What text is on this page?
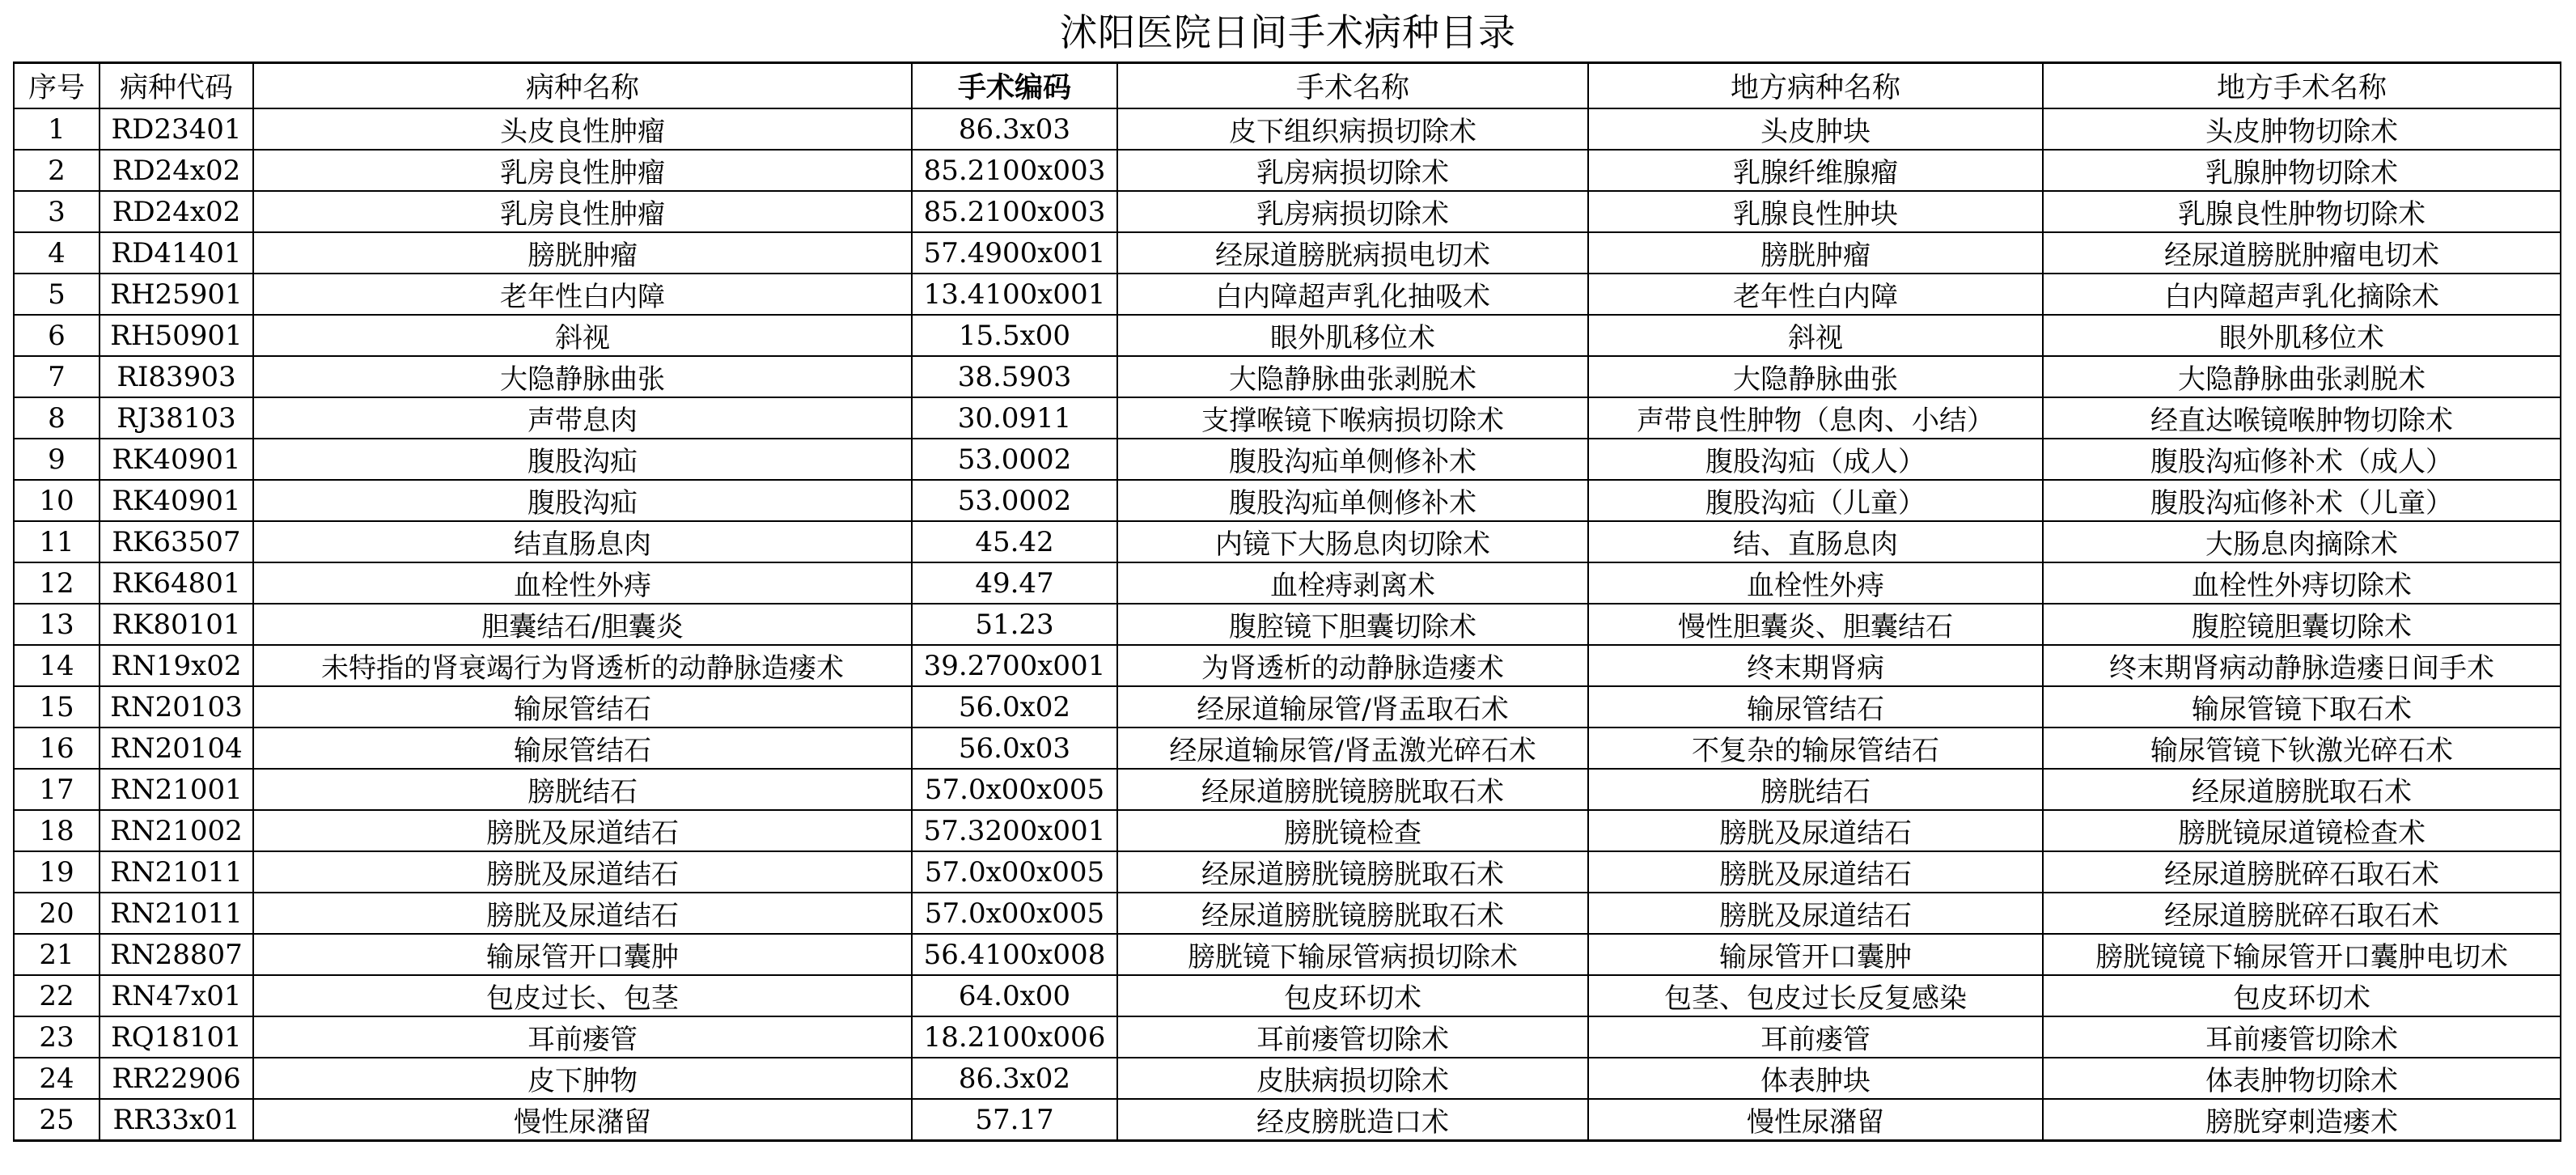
沭阳医院日间手术病种目录
序号	病种代码	病种名称	手术编码	手术名称	地方病种名称	地方手术名称
1	RD23401	头皮良性肿瘤	86.3x03	皮下组织病损切除术	头皮肿块	头皮肿物切除术
2	RD24x02	乳房良性肿瘤	85.2100x003	乳房病损切除术	乳腺纤维腺瘤	乳腺肿物切除术
3	RD24x02	乳房良性肿瘤	85.2100x003	乳房病损切除术	乳腺良性肿块	乳腺良性肿物切除术
4	RD41401	膀胱肿瘤	57.4900x001	经尿道膀胱病损电切术	膀胱肿瘤	经尿道膀胱肿瘤电切术
5	RH25901	老年性白内障	13.4100x001	白内障超声乳化抽吸术	老年性白内障	白内障超声乳化摘除术
6	RH50901	斜视	15.5x00	眼外肌移位术	斜视	眼外肌移位术
7	RI83903	大隐静脉曲张	38.5903	大隐静脉曲张剥脱术	大隐静脉曲张	大隐静脉曲张剥脱术
8	RJ38103	声带息肉	30.0911	支撑喉镜下喉病损切除术	声带良性肿物（息肉、小结）	经直达喉镜喉肿物切除术
9	RK40901	腹股沟疝	53.0002	腹股沟疝单侧修补术	腹股沟疝（成人）	腹股沟疝修补术（成人）
10	RK40901	腹股沟疝	53.0002	腹股沟疝单侧修补术	腹股沟疝（儿童）	腹股沟疝修补术（儿童）
11	RK63507	结直肠息肉	45.42	内镜下大肠息肉切除术	结、直肠息肉	大肠息肉摘除术
12	RK64801	血栓性外痔	49.47	血栓痔剥离术	血栓性外痔	血栓性外痔切除术
13	RK80101	胆囊结石/胆囊炎	51.23	腹腔镜下胆囊切除术	慢性胆囊炎、胆囊结石	腹腔镜胆囊切除术
14	RN19x02	未特指的肾衰竭行为肾透析的动静脉造瘘术	39.2700x001	为肾透析的动静脉造瘘术	终末期肾病	终末期肾病动静脉造瘘日间手术
15	RN20103	输尿管结石	56.0x02	经尿道输尿管/肾盂取石术	输尿管结石	输尿管镜下取石术
16	RN20104	输尿管结石	56.0x03	经尿道输尿管/肾盂激光碎石术	不复杂的输尿管结石	输尿管镜下钬激光碎石术
17	RN21001	膀胱结石	57.0x00x005	经尿道膀胱镜膀胱取石术	膀胱结石	经尿道膀胱取石术
18	RN21002	膀胱及尿道结石	57.3200x001	膀胱镜检查	膀胱及尿道结石	膀胱镜尿道镜检查术
19	RN21011	膀胱及尿道结石	57.0x00x005	经尿道膀胱镜膀胱取石术	膀胱及尿道结石	经尿道膀胱碎石取石术
20	RN21011	膀胱及尿道结石	57.0x00x005	经尿道膀胱镜膀胱取石术	膀胱及尿道结石	经尿道膀胱碎石取石术
21	RN28807	输尿管开口囊肿	56.4100x008	膀胱镜下输尿管病损切除术	输尿管开口囊肿	膀胱镜镜下输尿管开口囊肿电切术
22	RN47x01	包皮过长、包茎	64.0x00	包皮环切术	包茎、包皮过长反复感染	包皮环切术
23	RQ18101	耳前瘘管	18.2100x006	耳前瘘管切除术	耳前瘘管	耳前瘘管切除术
24	RR22906	皮下肿物	86.3x02	皮肤病损切除术	体表肿块	体表肿物切除术
25	RR33x01	慢性尿潴留	57.17	经皮膀胱造口术	慢性尿潴留	膀胱穿刺造瘘术
